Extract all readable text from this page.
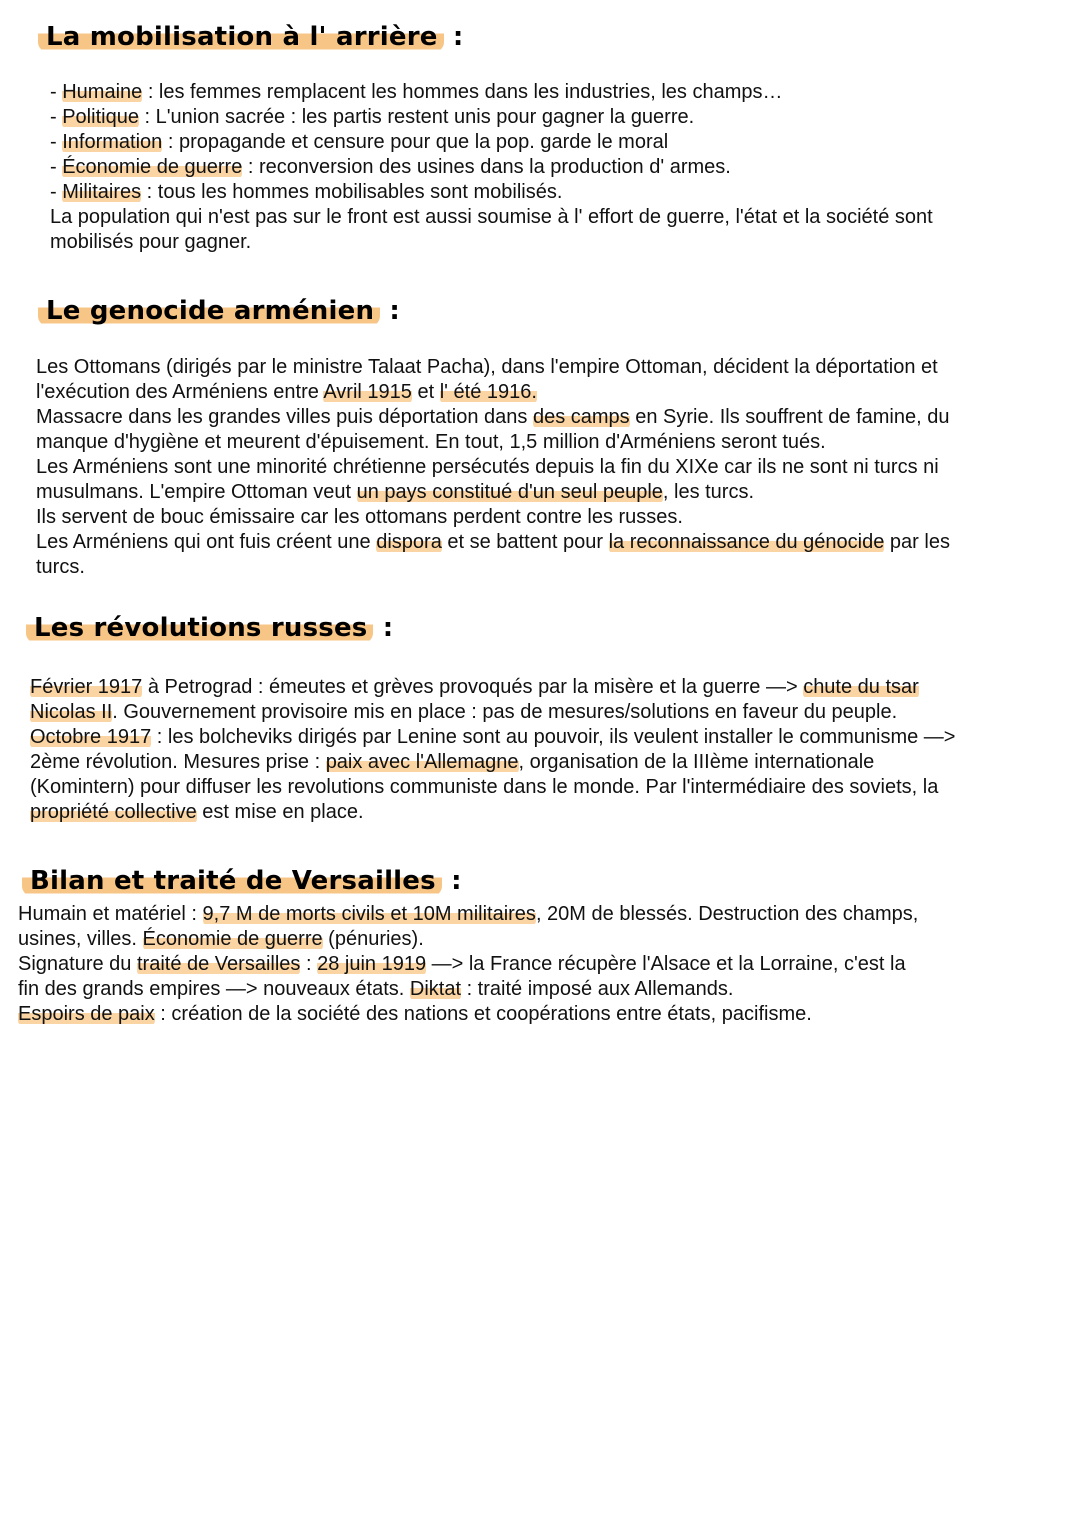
La mobilisation à l' arrière :

- Humaine : les femmes remplacent les hommes dans les industries, les champs…

- Politique : L'union sacrée : les partis restent unis pour gagner la guerre.

- Information : propagande et censure pour que la pop. garde le moral

- Économie de guerre : reconversion des usines dans la production d' armes.

- Militaires : tous les hommes mobilisables sont mobilisés.

La population qui n'est pas sur le front est aussi soumise à l' effort de guerre, l'état et la société sont

mobilisés pour gagner.

Le genocide arménien :

Les Ottomans (dirigés par le ministre Talaat Pacha), dans l'empire Ottoman, décident la déportation et

l'exécution des Arméniens entre Avril 1915 et l' été 1916.

Massacre dans les grandes villes puis déportation dans des camps en Syrie. Ils souffrent de famine, du

manque d'hygiène et meurent d'épuisement. En tout, 1,5 million d'Arméniens seront tués.

Les Arméniens sont une minorité chrétienne persécutés depuis la fin du XIXe car ils ne sont ni turcs ni

musulmans. L'empire Ottoman veut un pays constitué d'un seul peuple, les turcs.

Ils servent de bouc émissaire car les ottomans perdent contre les russes.

Les Arméniens qui ont fuis créent une dispora et se battent pour la reconnaissance du génocide par les

turcs.

Les révolutions russes :

Février 1917 à Petrograd : émeutes et grèves provoqués par la misère et la guerre —> chute du tsar

Nicolas II. Gouvernement provisoire mis en place : pas de mesures/solutions en faveur du peuple.

Octobre 1917 : les bolcheviks dirigés par Lenine sont au pouvoir, ils veulent installer le communisme —>

2ème révolution. Mesures prise : paix avec l'Allemagne, organisation de la IIIème internationale

(Komintern) pour diffuser les revolutions communiste dans le monde. Par l'intermédiaire des soviets, la

propriété collective est mise en place.

Bilan et traité de Versailles :

Humain et matériel : 9,7 M de morts civils et 10M militaires, 20M de blessés. Destruction des champs,

usines, villes. Économie de guerre (pénuries).

Signature du traité de Versailles : 28 juin 1919 —> la France récupère l'Alsace et la Lorraine, c'est la

fin des grands empires —> nouveaux états. Diktat : traité imposé aux Allemands.

Espoirs de paix : création de la société des nations et coopérations entre états, pacifisme.
